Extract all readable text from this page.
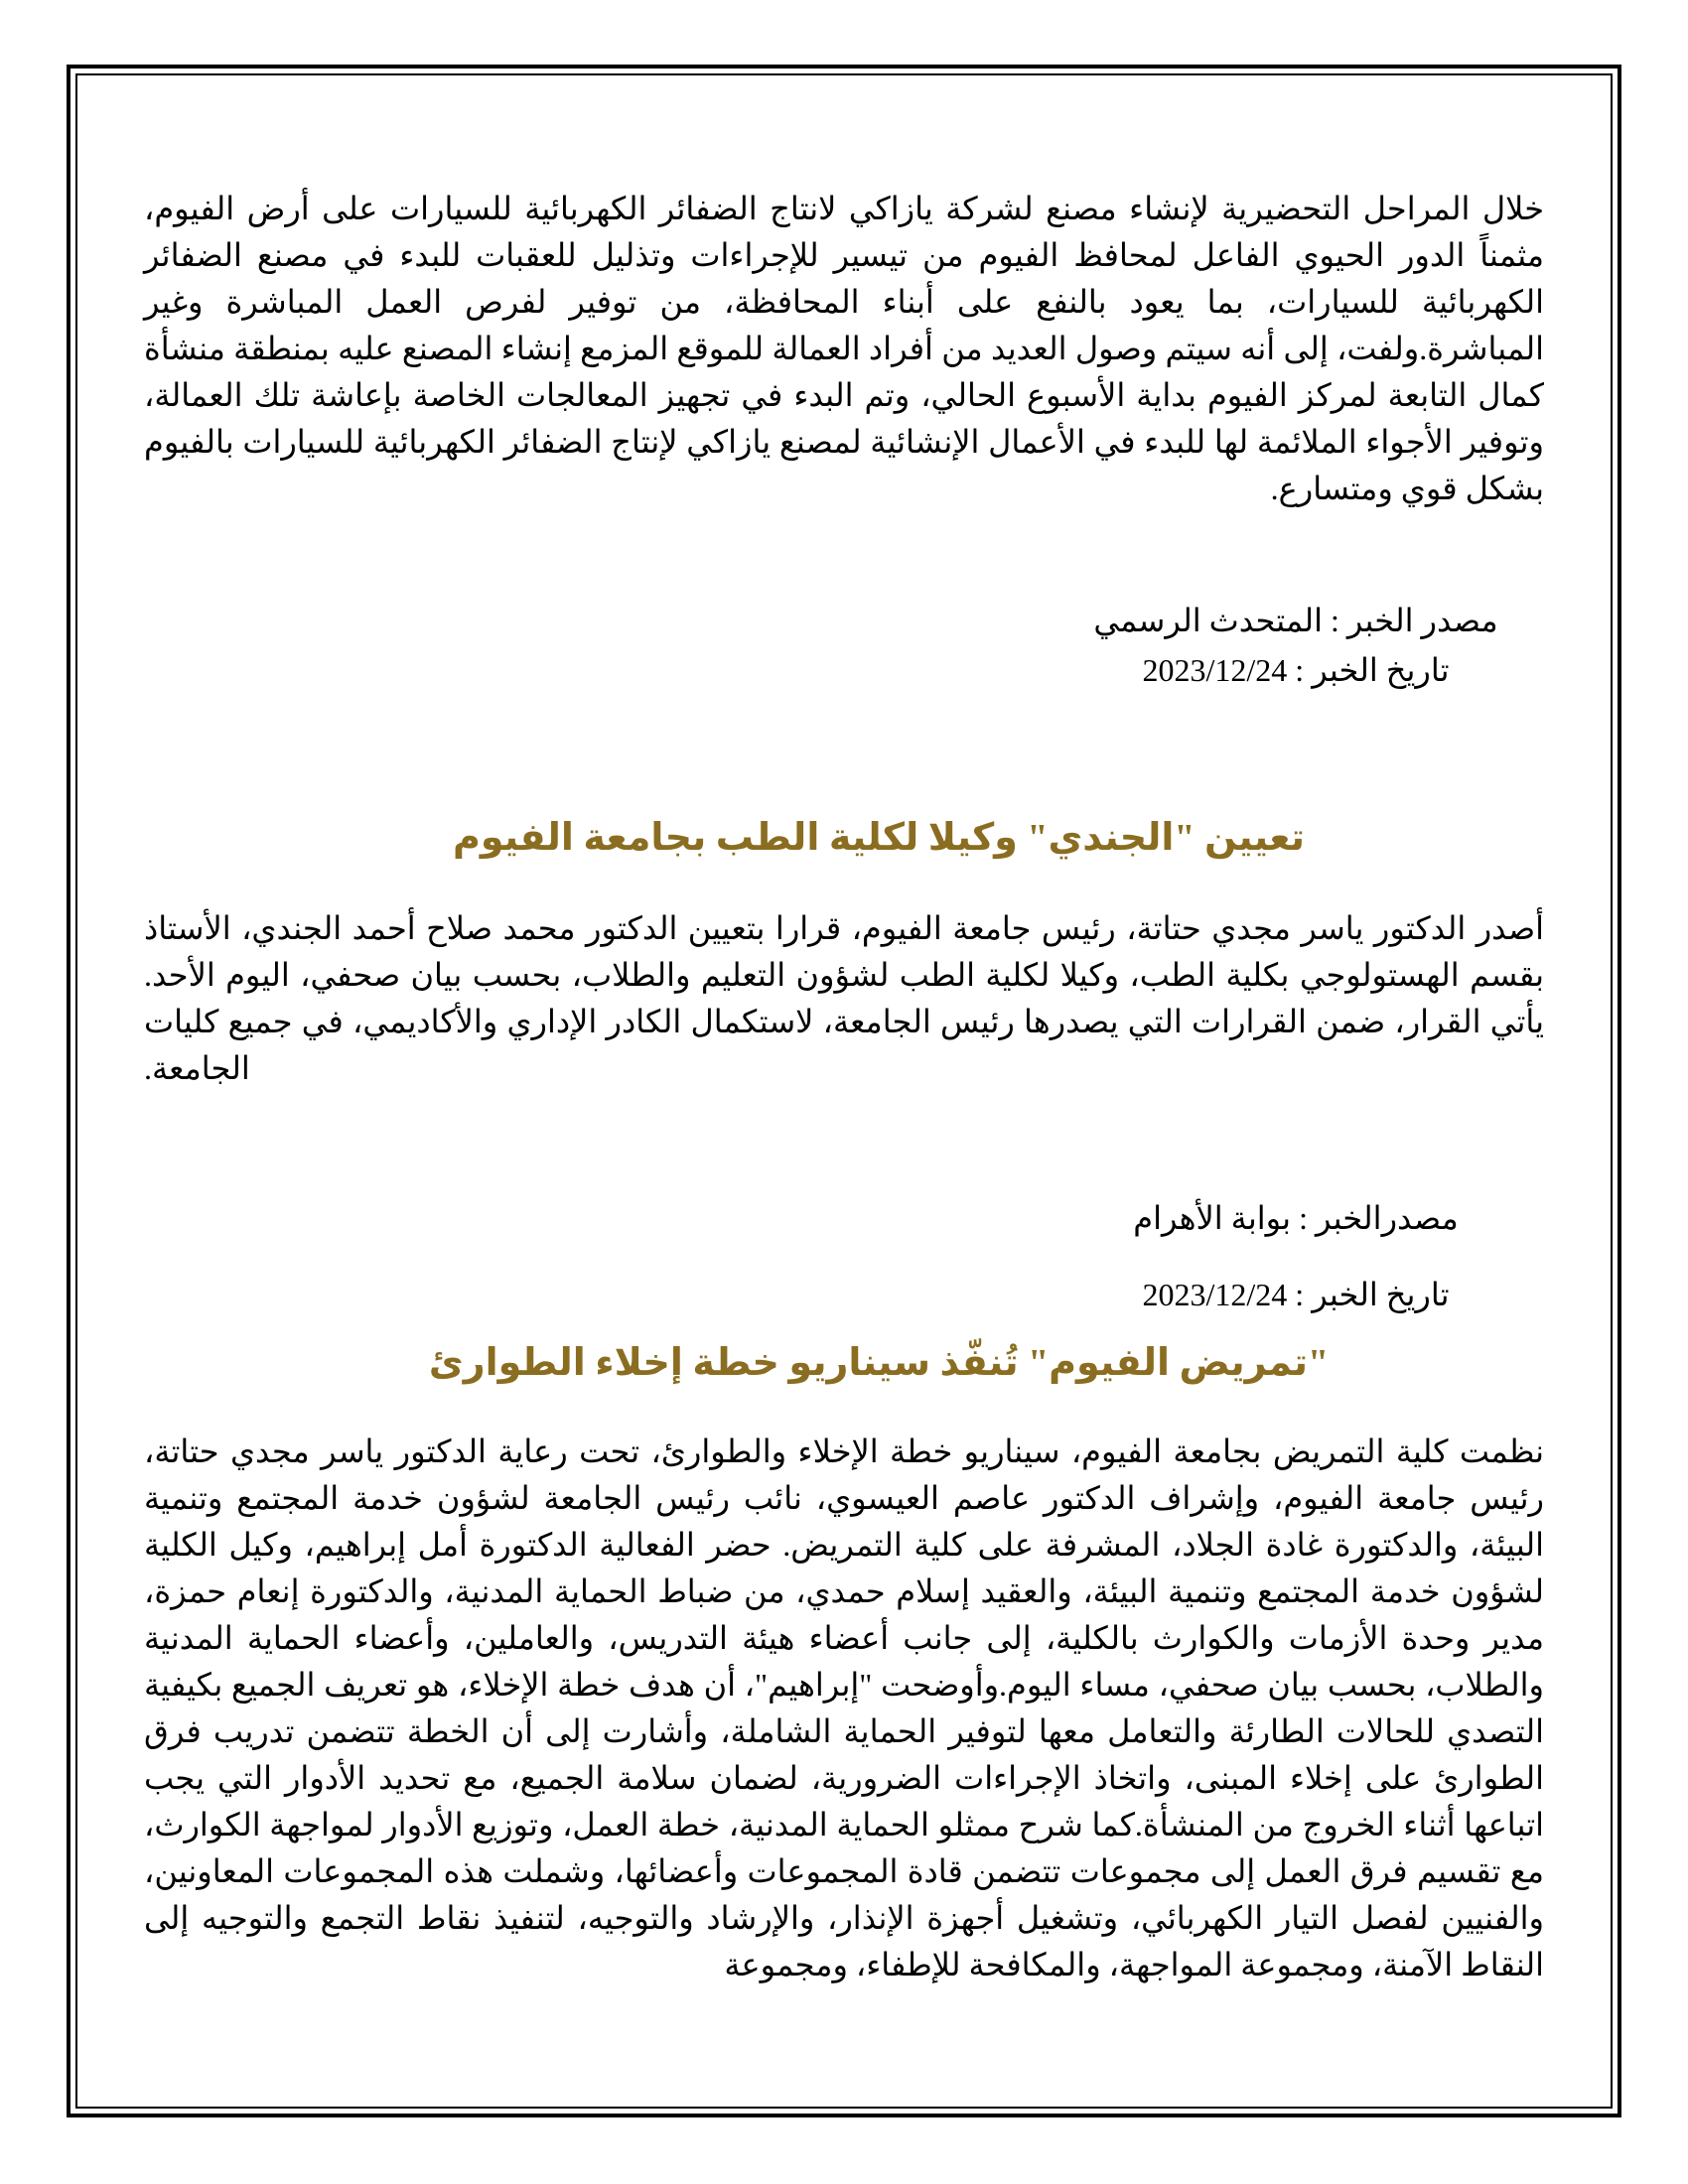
خلال المراحل التحضيرية لإنشاء مصنع لشركة يازاكي لانتاج الضفائر الكهربائية للسيارات على أرض الفيوم، مثمناً الدور الحيوي الفاعل لمحافظ الفيوم من تيسير للإجراءات وتذليل للعقبات للبدء في مصنع الضفائر الكهربائية للسيارات، بما يعود بالنفع على أبناء المحافظة، من توفير لفرص العمل المباشرة وغير المباشرة.ولفت، إلى أنه سيتم وصول العديد من أفراد العمالة للموقع المزمع إنشاء المصنع عليه بمنطقة منشأة كمال التابعة لمركز الفيوم بداية الأسبوع الحالي، وتم البدء في تجهيز المعالجات الخاصة بإعاشة تلك العمالة، وتوفير الأجواء الملائمة لها للبدء في الأعمال الإنشائية لمصنع يازاكي لإنتاج الضفائر الكهربائية للسيارات بالفيوم بشكل قوي ومتسارع.

مصدر الخبر : المتحدث الرسمي
تاريخ الخبر : 2023/12/24
تعيين "الجندي" وكيلا لكلية الطب بجامعة الفيوم

أصدر الدكتور ياسر مجدي حتاتة، رئيس جامعة الفيوم، قرارا بتعيين الدكتور محمد صلاح أحمد الجندي، الأستاذ بقسم الهستولوجي بكلية الطب، وكيلا لكلية الطب لشؤون التعليم والطلاب، بحسب بيان صحفي، اليوم الأحد. يأتي القرار، ضمن القرارات التي يصدرها رئيس الجامعة، لاستكمال الكادر الإداري والأكاديمي، في جميع كليات الجامعة.

مصدرالخبر : بوابة الأهرام
تاريخ الخبر : 2023/12/24
"تمريض الفيوم" تُنفّذ سيناريو خطة إخلاء الطوارئ

نظمت كلية التمريض بجامعة الفيوم، سيناريو خطة الإخلاء والطوارئ، تحت رعاية الدكتور ياسر مجدي حتاتة، رئيس جامعة الفيوم، وإشراف الدكتور عاصم العيسوي، نائب رئيس الجامعة لشؤون خدمة المجتمع وتنمية البيئة، والدكتورة غادة الجلاد، المشرفة على كلية التمريض. حضر الفعالية الدكتورة أمل إبراهيم، وكيل الكلية لشؤون خدمة المجتمع وتنمية البيئة، والعقيد إسلام حمدي، من ضباط الحماية المدنية، والدكتورة إنعام حمزة، مدير وحدة الأزمات والكوارث بالكلية، إلى جانب أعضاء هيئة التدريس، والعاملين، وأعضاء الحماية المدنية والطلاب، بحسب بيان صحفي، مساء اليوم.وأوضحت "إبراهيم"، أن هدف خطة الإخلاء، هو تعريف الجميع بكيفية التصدي للحالات الطارئة والتعامل معها لتوفير الحماية الشاملة، وأشارت إلى أن الخطة تتضمن تدريب فرق الطوارئ على إخلاء المبنى، واتخاذ الإجراءات الضرورية، لضمان سلامة الجميع، مع تحديد الأدوار التي يجب اتباعها أثناء الخروج من المنشأة.كما شرح ممثلو الحماية المدنية، خطة العمل، وتوزيع الأدوار لمواجهة الكوارث، مع تقسيم فرق العمل إلى مجموعات تتضمن قادة المجموعات وأعضائها، وشملت هذه المجموعات المعاونين، والفنيين لفصل التيار الكهربائي، وتشغيل أجهزة الإنذار، والإرشاد والتوجيه، لتنفيذ نقاط التجمع والتوجيه إلى النقاط الآمنة، ومجموعة المواجهة، والمكافحة للإطفاء، ومجموعة
